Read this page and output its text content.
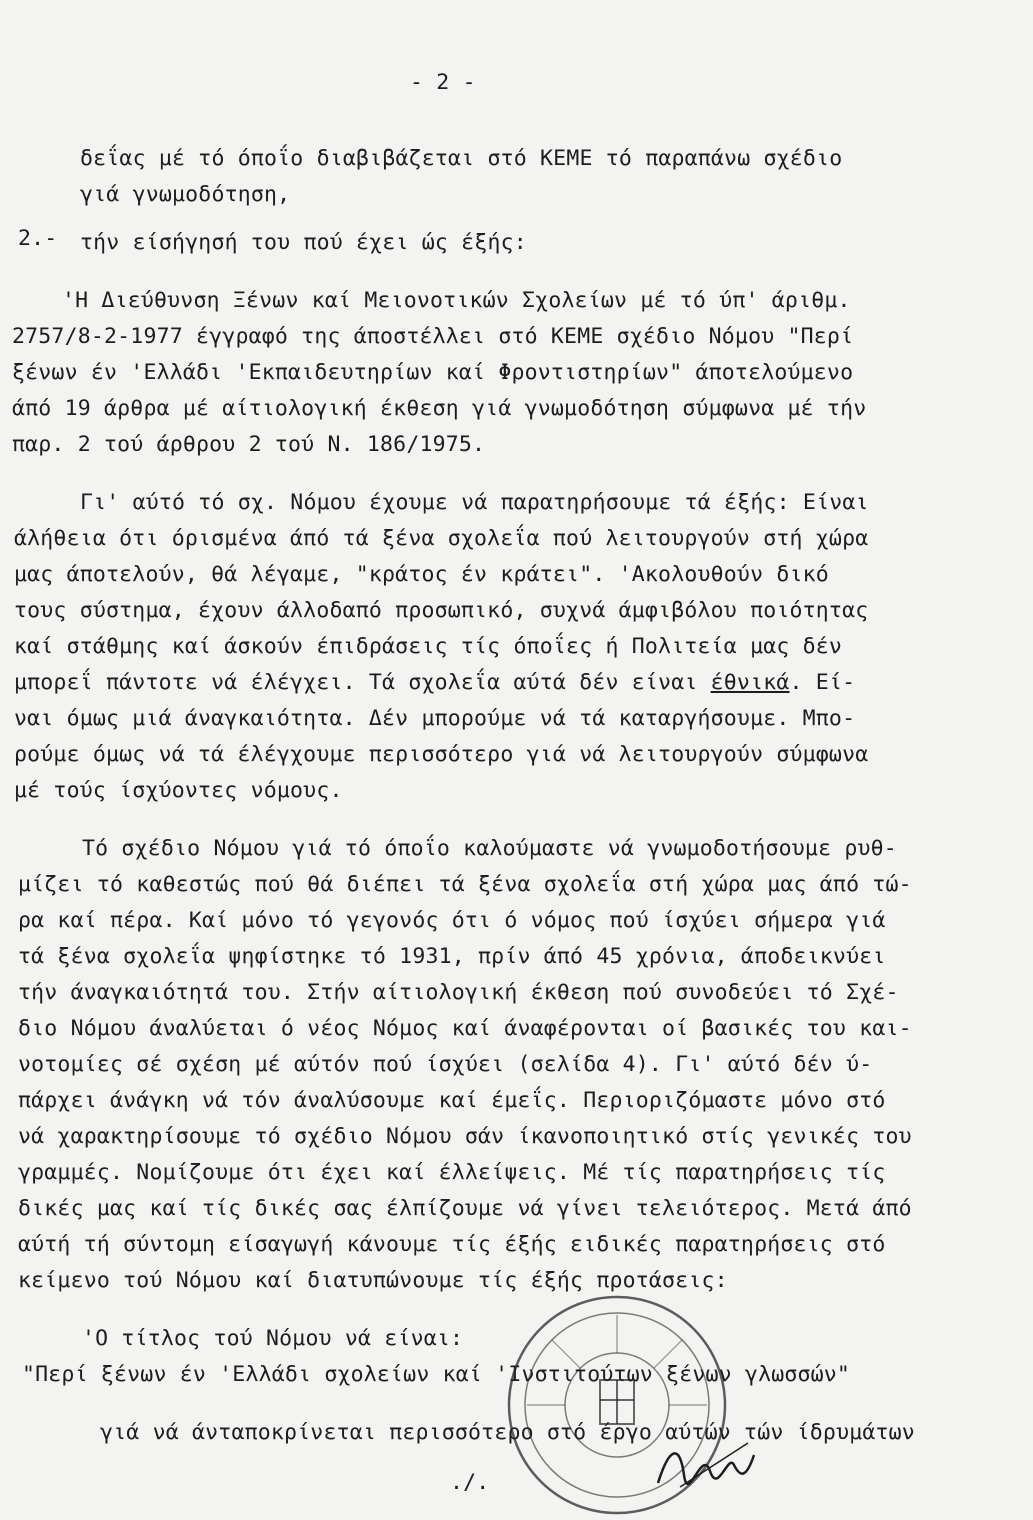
- 2 -
δεΐας μέ τό όποΐο διαβιβάζεται στό ΚΕΜΕ τό παραπάνω σχέδιο
γιά γνωμοδότηση,
2.- τήν είσήγησή του πού έχει ώς έξής:
'Η Διεύθυνση Ξένων καί Μειονοτικών Σχολείων μέ τό ύπ' άριθμ.
2757/8-2-1977 έγγραφό της άποστέλλει στό ΚΕΜΕ σχέδιο Νόμου "Περί
ξένων έν 'Ελλάδι 'Εκπαιδευτηρίων καί Φροντιστηρίων" άποτελούμενο
άπό 19 άρθρα μέ αίτιολογική έκθεση γιά γνωμοδότηση σύμφωνα μέ τήν
παρ. 2 τού άρθρου 2 τού Ν. 186/1975.
Γι' αύτό τό σχ. Νόμου έχουμε νά παρατηρήσουμε τά έξής: Είναι
άλήθεια ότι όρισμένα άπό τά ξένα σχολεΐα πού λειτουργούν στή χώρα
μας άποτελούν, θά λέγαμε, "κράτος έν κράτει". 'Ακολουθούν δικό
τους σύστημα, έχουν άλλοδαπό προσωπικό, συχνά άμφιβόλου ποιότητας
καί στάθμης καί άσκούν έπιδράσεις τίς όποΐες ή Πολιτεία μας δέν
μπορεΐ πάντοτε νά έλέγχει. Τά σχολεΐα αύτά δέν είναι έθνικά. Εί-
ναι όμως μιά άναγκαιότητα. Δέν μπορούμε νά τά καταργήσουμε. Μπο-
ρούμε όμως νά τά έλέγχουμε περισσότερο γιά νά λειτουργούν σύμφωνα
μέ τούς ίσχύοντες νόμους.
Τό σχέδιο Νόμου γιά τό όποΐο καλούμαστε νά γνωμοδοτήσουμε ρυθ-
μίζει τό καθεστώς πού θά διέπει τά ξένα σχολεΐα στή χώρα μας άπό τώ-
ρα καί πέρα. Καί μόνο τό γεγονός ότι ό νόμος πού ίσχύει σήμερα γιά
τά ξένα σχολεΐα ψηφίστηκε τό 1931, πρίν άπό 45 χρόνια, άποδεικνύει
τήν άναγκαιότητά του. Στήν αίτιολογική έκθεση πού συνοδεύει τό Σχέ-
διο Νόμου άναλύεται ό νέος Νόμος καί άναφέρονται οί βασικές του και-
νοτομίες σέ σχέση μέ αύτόν πού ίσχύει (σελίδα 4). Γι' αύτό δέν ύ-
πάρχει άνάγκη νά τόν άναλύσουμε καί έμεΐς. Περιοριζόμαστε μόνο στό
νά χαρακτηρίσουμε τό σχέδιο Νόμου σάν ίκανοποιητικό στίς γενικές του
γραμμές. Νομίζουμε ότι έχει καί έλλείψεις. Μέ τίς παρατηρήσεις τίς
δικές μας καί τίς δικές σας έλπίζουμε νά γίνει τελειότερος. Μετά άπό
αύτή τή σύντομη είσαγωγή κάνουμε τίς έξής ειδικές παρατηρήσεις στό
κείμενο τού Νόμου καί διατυπώνουμε τίς έξής προτάσεις:
'Ο τίτλος τού Νόμου νά είναι:
"Περί ξένων έν 'Ελλάδι σχολείων καί 'Ινστιτούτων ξένων γλωσσών"
γιά νά άνταποκρίνεται περισσότερο στό έργο αύτών τών ίδρυμάτων
./.
